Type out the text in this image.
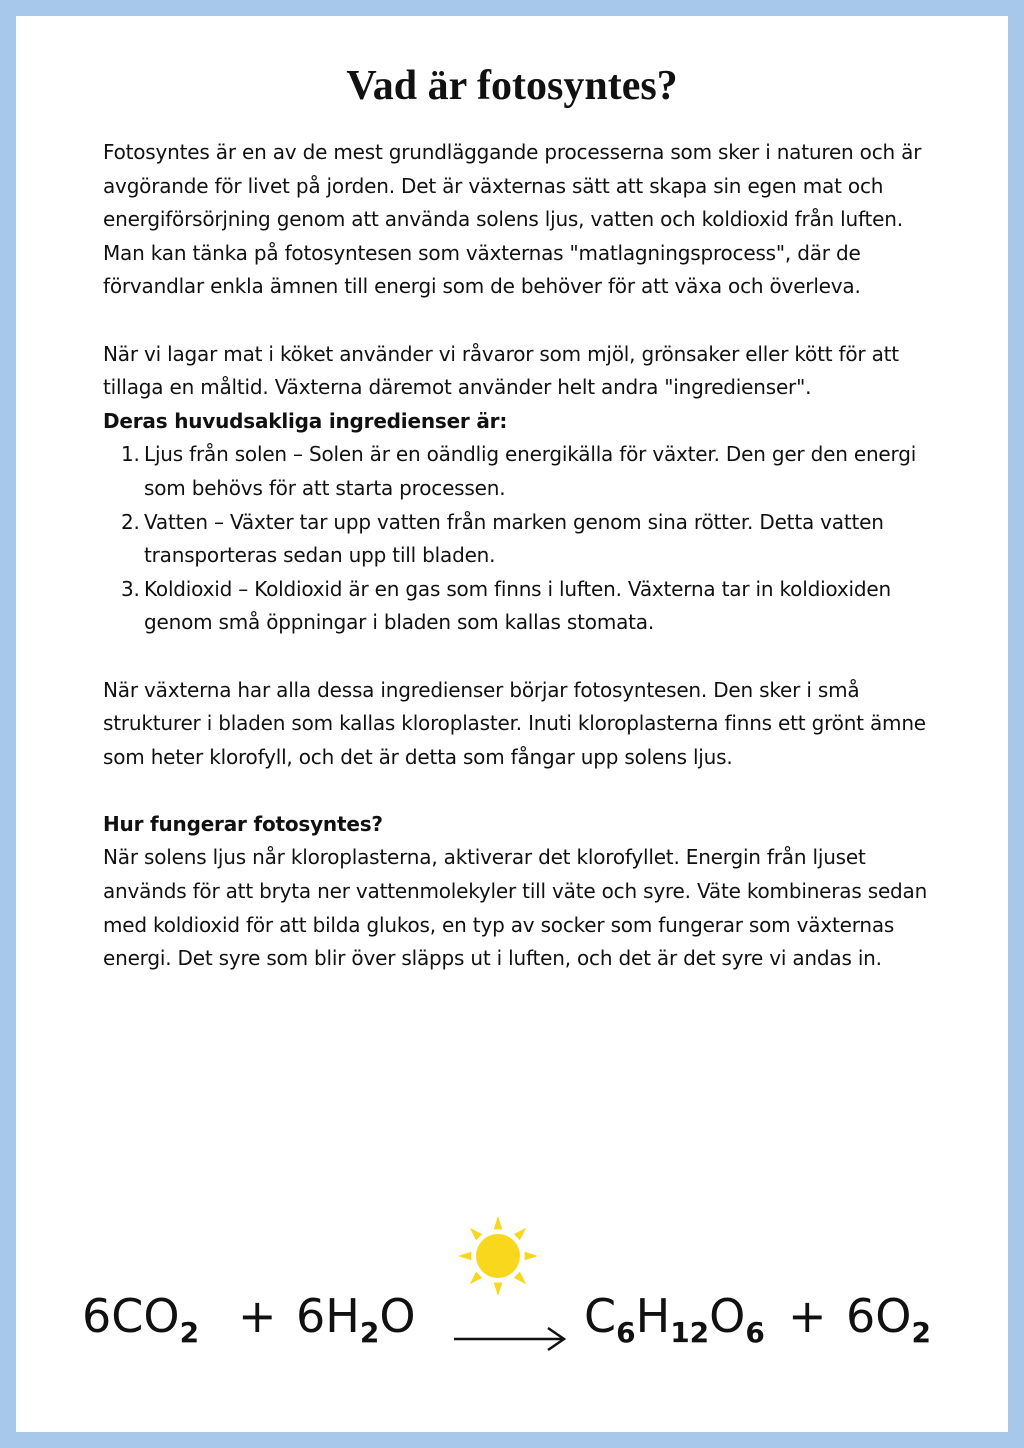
Vad är fotosyntes?

Fotosyntes är en av de mest grundläggande processerna som sker i naturen och är avgörande för livet på jorden. Det är växternas sätt att skapa sin egen mat och energiförsörjning genom att använda solens ljus, vatten och koldioxid från luften. Man kan tänka på fotosyntesen som växternas "matlagningsprocess", där de förvandlar enkla ämnen till energi som de behöver för att växa och överleva.

När vi lagar mat i köket använder vi råvaror som mjöl, grönsaker eller kött för att tillaga en måltid. Växterna däremot använder helt andra "ingredienser".

Deras huvudsakliga ingredienser är:

1. Ljus från solen – Solen är en oändlig energikälla för växter. Den ger den energi som behövs för att starta processen.
2. Vatten – Växter tar upp vatten från marken genom sina rötter. Detta vatten transporteras sedan upp till bladen.
3. Koldioxid – Koldioxid är en gas som finns i luften. Växterna tar in koldioxiden genom små öppningar i bladen som kallas stomata.

När växterna har alla dessa ingredienser börjar fotosyntesen. Den sker i små strukturer i bladen som kallas kloroplaster. Inuti kloroplasterna finns ett grönt ämne som heter klorofyll, och det är detta som fångar upp solens ljus.

Hur fungerar fotosyntes?

När solens ljus når kloroplasterna, aktiverar det klorofyllet. Energin från ljuset används för att bryta ner vattenmolekyler till väte och syre. Väte kombineras sedan med koldioxid för att bilda glukos, en typ av socker som fungerar som växternas energi. Det syre som blir över släpps ut i luften, och det är det syre vi andas in.

$6CO_2 + 6H_2O$	$C_6H_{12}O_6 + 6O_2$
